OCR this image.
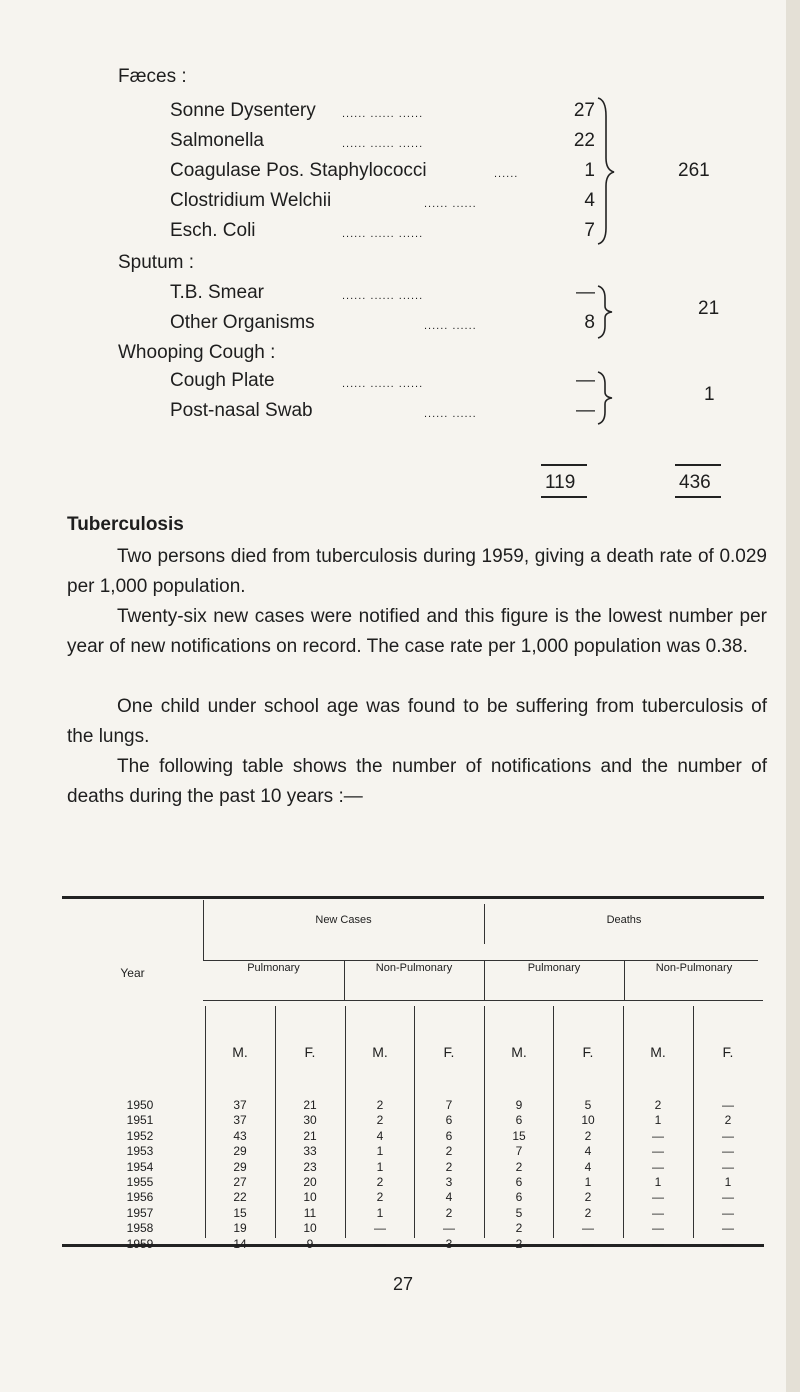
Fæces :
Sonne Dysentery ...... ...... ......	27
Salmonella	...... ...... ......	22
Coagulase Pos. Staphylococci	......	1
Clostridium Welchii	...... ......	4
Esch. Coli	...... ...... ......	7
261
Sputum :
T.B. Smear	...... ...... ......	—
Other Organisms	...... ......	8
21
Whooping Cough :
Cough Plate	...... ...... ......	—
Post-nasal Swab	...... ......	—
1
119	436
Tuberculosis
Two persons died from tuberculosis during 1959, giving a death rate of 0.029 per 1,000 population.
Twenty-six new cases were notified and this figure is the lowest number per year of new notifications on record. The case rate per 1,000 population was 0.38.
One child under school age was found to be suffering from tuberculosis of the lungs.
The following table shows the number of notifications and the number of deaths during the past 10 years :—
New Cases	Deaths
Year	Pulmonary	Non-Pulmonary	Pulmonary	Non-Pulmonary
M.	F.	M.	F.	M.	F.	M.	F.
1950	37	21	2	7	9	5	2	—
1951	37	30	2	6	6	10	1	2
1952	43	21	4	6	15	2	—	—
1953	29	33	1	2	7	4	—	—
1954	29	23	1	2	2	4	—	—
1955	27	20	2	3	6	1	1	1
1956	22	10	2	4	6	2	—	—
1957	15	11	1	2	5	2	—	—
1958	19	10	—	—	2	—	—	—
1959	14	9	—	3	2	—	—	—
27
